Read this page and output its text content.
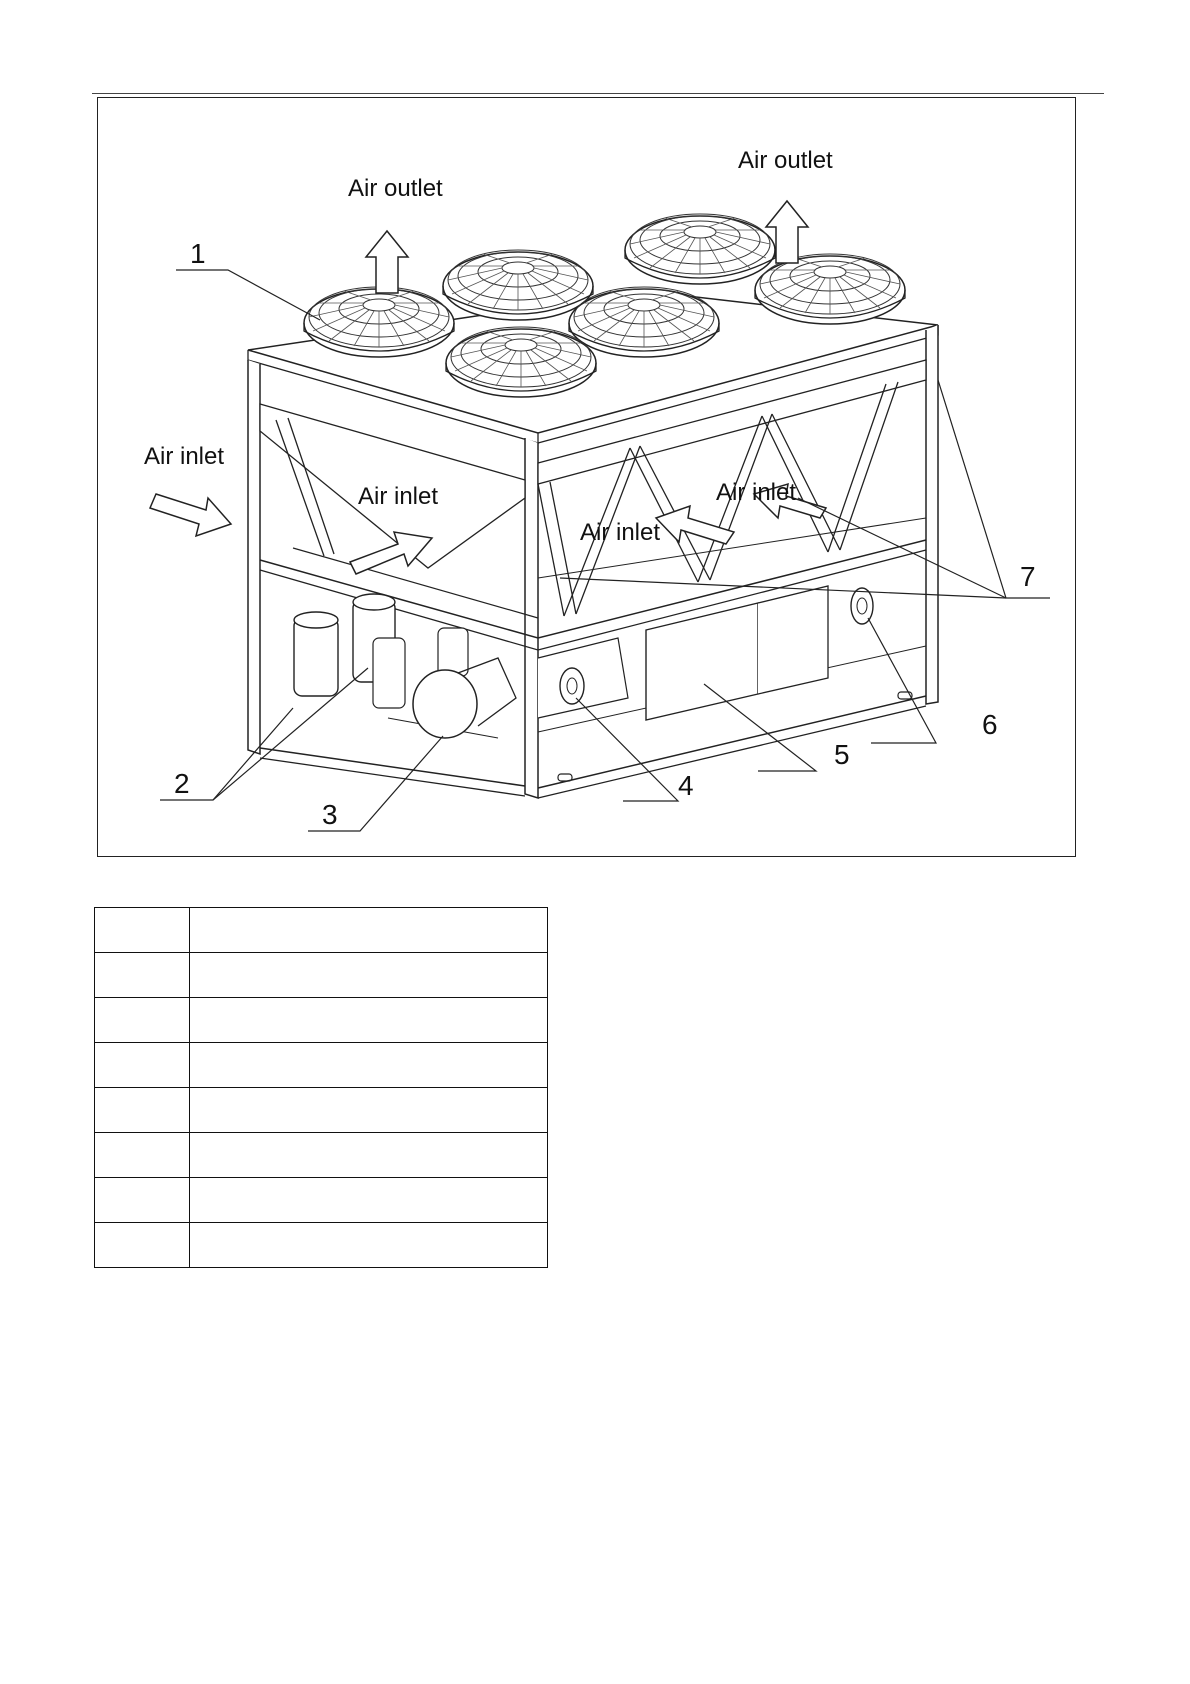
Air outlet
Air outlet
Air inlet
Air inlet
Air inlet
Air inlet
1
2
3
4
5
6
7
